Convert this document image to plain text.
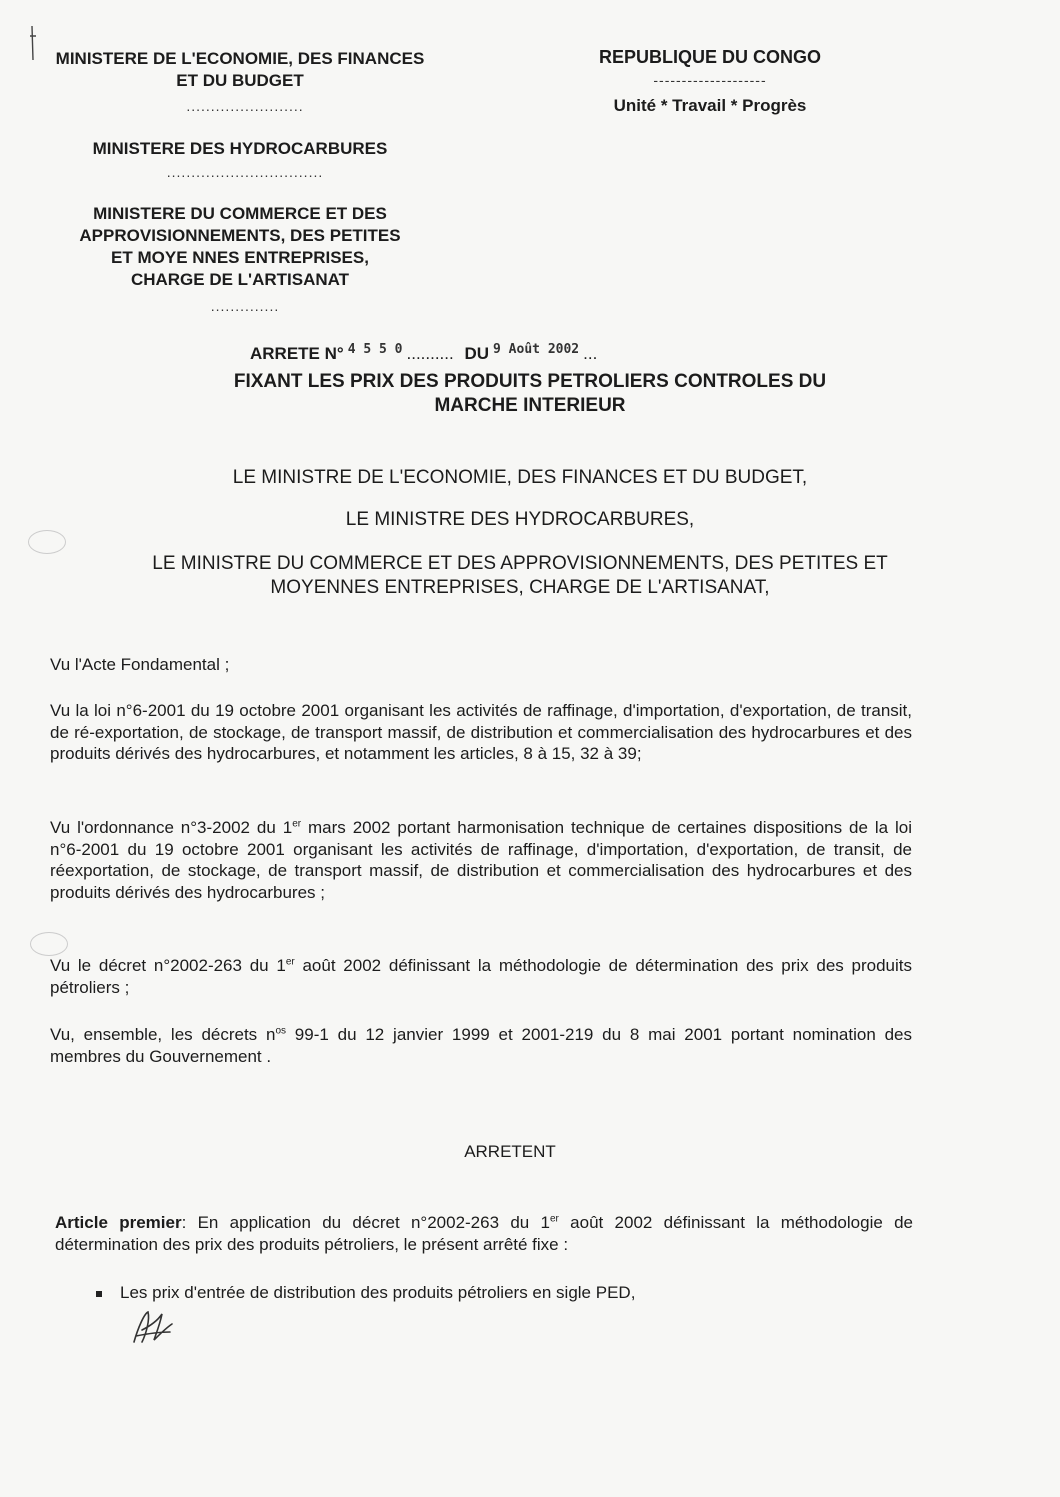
MINISTERE DE L'ECONOMIE, DES FINANCES
ET DU BUDGET
........................
MINISTERE DES HYDROCARBURES
................................
MINISTERE DU COMMERCE ET DES
APPROVISIONNEMENTS, DES PETITES
ET MOYE NNES ENTREPRISES,
CHARGE DE L'ARTISANAT
..............
REPUBLIQUE DU CONGO
--------------------
Unité * Travail * Progrès
ARRETE N° $^{4 5 5 0}$ .......... DU $^{9 Août 2002}$ ...
FIXANT LES PRIX DES PRODUITS PETROLIERS CONTROLES DU
MARCHE INTERIEUR
LE MINISTRE DE L'ECONOMIE, DES FINANCES ET DU BUDGET,
LE MINISTRE DES HYDROCARBURES,
LE MINISTRE DU COMMERCE ET DES APPROVISIONNEMENTS, DES PETITES ET
MOYENNES ENTREPRISES, CHARGE DE L'ARTISANAT,
Vu l'Acte Fondamental ;
Vu la loi n°6-2001 du 19 octobre 2001 organisant les activités de raffinage, d'importation, d'exportation, de transit, de ré-exportation, de stockage, de transport massif, de distribution et commercialisation des hydrocarbures et des produits dérivés des hydrocarbures, et notamment les articles, 8 à 15, 32 à 39;
Vu l'ordonnance n°3-2002 du 1er mars 2002 portant harmonisation technique de certaines dispositions de la loi n°6-2001 du 19 octobre 2001 organisant les activités de raffinage, d'importation, d'exportation, de transit, de réexportation, de stockage, de transport massif, de distribution et commercialisation des hydrocarbures et des produits dérivés des hydrocarbures ;
Vu le décret n°2002-263 du 1er août 2002 définissant la méthodologie de détermination des prix des produits pétroliers ;
Vu, ensemble, les décrets $n^{os}$ 99-1 du 12 janvier 1999 et 2001-219 du 8 mai 2001 portant nomination des membres du Gouvernement .
ARRETENT
Article premier: En application du décret n°2002-263 du 1er août 2002 définissant la méthodologie de détermination des prix des produits pétroliers, le présent arrêté fixe :
Les prix d'entrée de distribution des produits pétroliers en sigle PED,
